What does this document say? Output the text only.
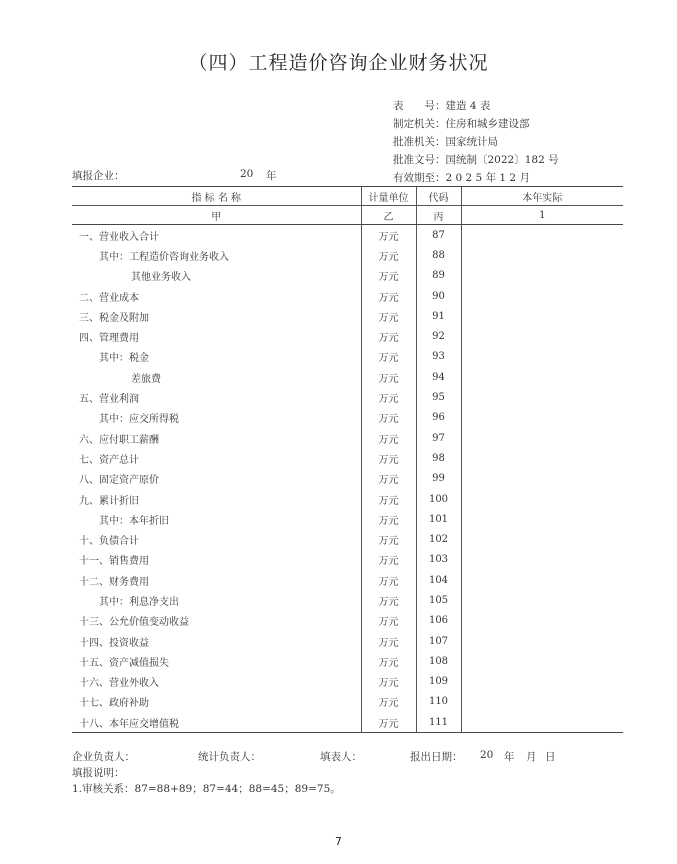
（四）工程造价咨询企业财务状况
表　　号：建造 4 表
制定机关：住房和城乡建设部
批准机关：国家统计局
批准文号：国统制〔2022〕182 号
有效期至：2 0 2 5 年 1 2 月
填报企业：	20 年
指 标 名 称	计量单位	代码	本年实际
甲	乙	丙	1
一、营业收入合计	万元	87	
其中：工程造价咨询业务收入	万元	88	
其他业务收入	万元	89	
二、营业成本	万元	90	
三、税金及附加	万元	91	
四、管理费用	万元	92	
其中：税金	万元	93	
差旅费	万元	94	
五、营业利润	万元	95	
其中：应交所得税	万元	96	
六、应付职工薪酬	万元	97	
七、资产总计	万元	98	
八、固定资产原价	万元	99	
九、累计折旧	万元	100	
其中：本年折旧	万元	101	
十、负债合计	万元	102	
十一、销售费用	万元	103	
十二、财务费用	万元	104	
其中：利息净支出	万元	105	
十三、公允价值变动收益	万元	106	
十四、投资收益	万元	107	
十五、资产减值损失	万元	108	
十六、营业外收入	万元	109	
十七、政府补助	万元	110	
十八、本年应交增值税	万元	111	
企业负责人：	统计负责人：	填表人：	报出日期： 20 年 月 日
填报说明：
1.审核关系：87=88+89；87=44；88=45；89=75。
7
